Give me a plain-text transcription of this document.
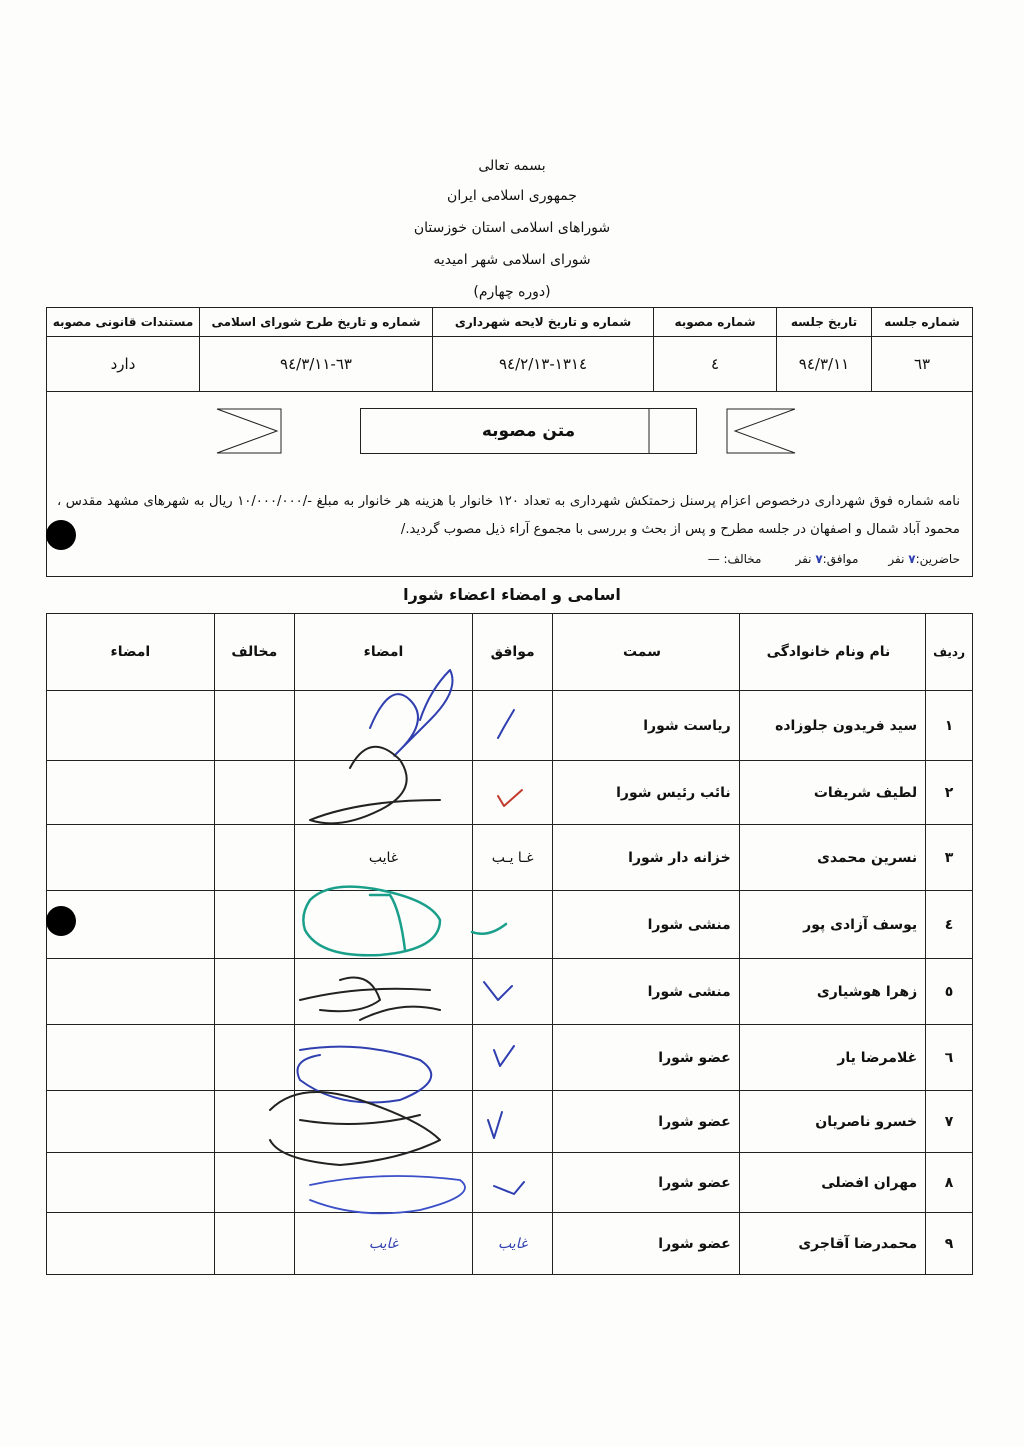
بسمه تعالی
جمهوری اسلامی ایران
شوراهای اسلامی استان خوزستان
شورای اسلامی شهر امیدیه
(دوره چهارم)
شماره جلسه	تاریخ جلسه	شماره مصوبه	شماره و تاریخ لایحه شهرداری	شماره و تاریخ طرح شورای اسلامی	مستندات قانونی مصوبه
٦٣	٩٤/٣/١١	٤	١٣١٤-٩٤/٢/١٣	٦٣-٩٤/٣/١١	دارد
متن مصوبه
نامه شماره فوق شهرداری درخصوص اعزام پرسنل زحمتکش شهرداری به تعداد ١٢٠ خانوار با هزینه هر خانوار به مبلغ -/١٠/٠٠٠/٠٠٠ ریال به شهرهای مشهد مقدس ، محمود آباد شمال و اصفهان در جلسه مطرح و پس از بحث و بررسی با مجموع آراء ذیل مصوب گردید./
حاضرین:٧ نفر
موافق:٧ نفر
مخالف: —
اسامی و امضاء اعضاء شورا
ردیف	نام ونام خانوادگی	سمت	موافق	امضاء	مخالف	امضاء
١	سید فریدون جلوزاده	ریاست شورا				
٢	لطیف شریفات	نائب رئیس شورا				
٣	نسرین محمدی	خزانه دار شورا	غـا یـب	غایب		
٤	یوسف آزادی پور	منشی شورا				
٥	زهرا هوشیاری	منشی شورا				
٦	غلامرضا یار	عضو شورا				
٧	خسرو ناصریان	عضو شورا				
٨	مهران افضلی	عضو شورا				
٩	محمدرضا آقاجری	عضو شورا	غایب	غایب		
